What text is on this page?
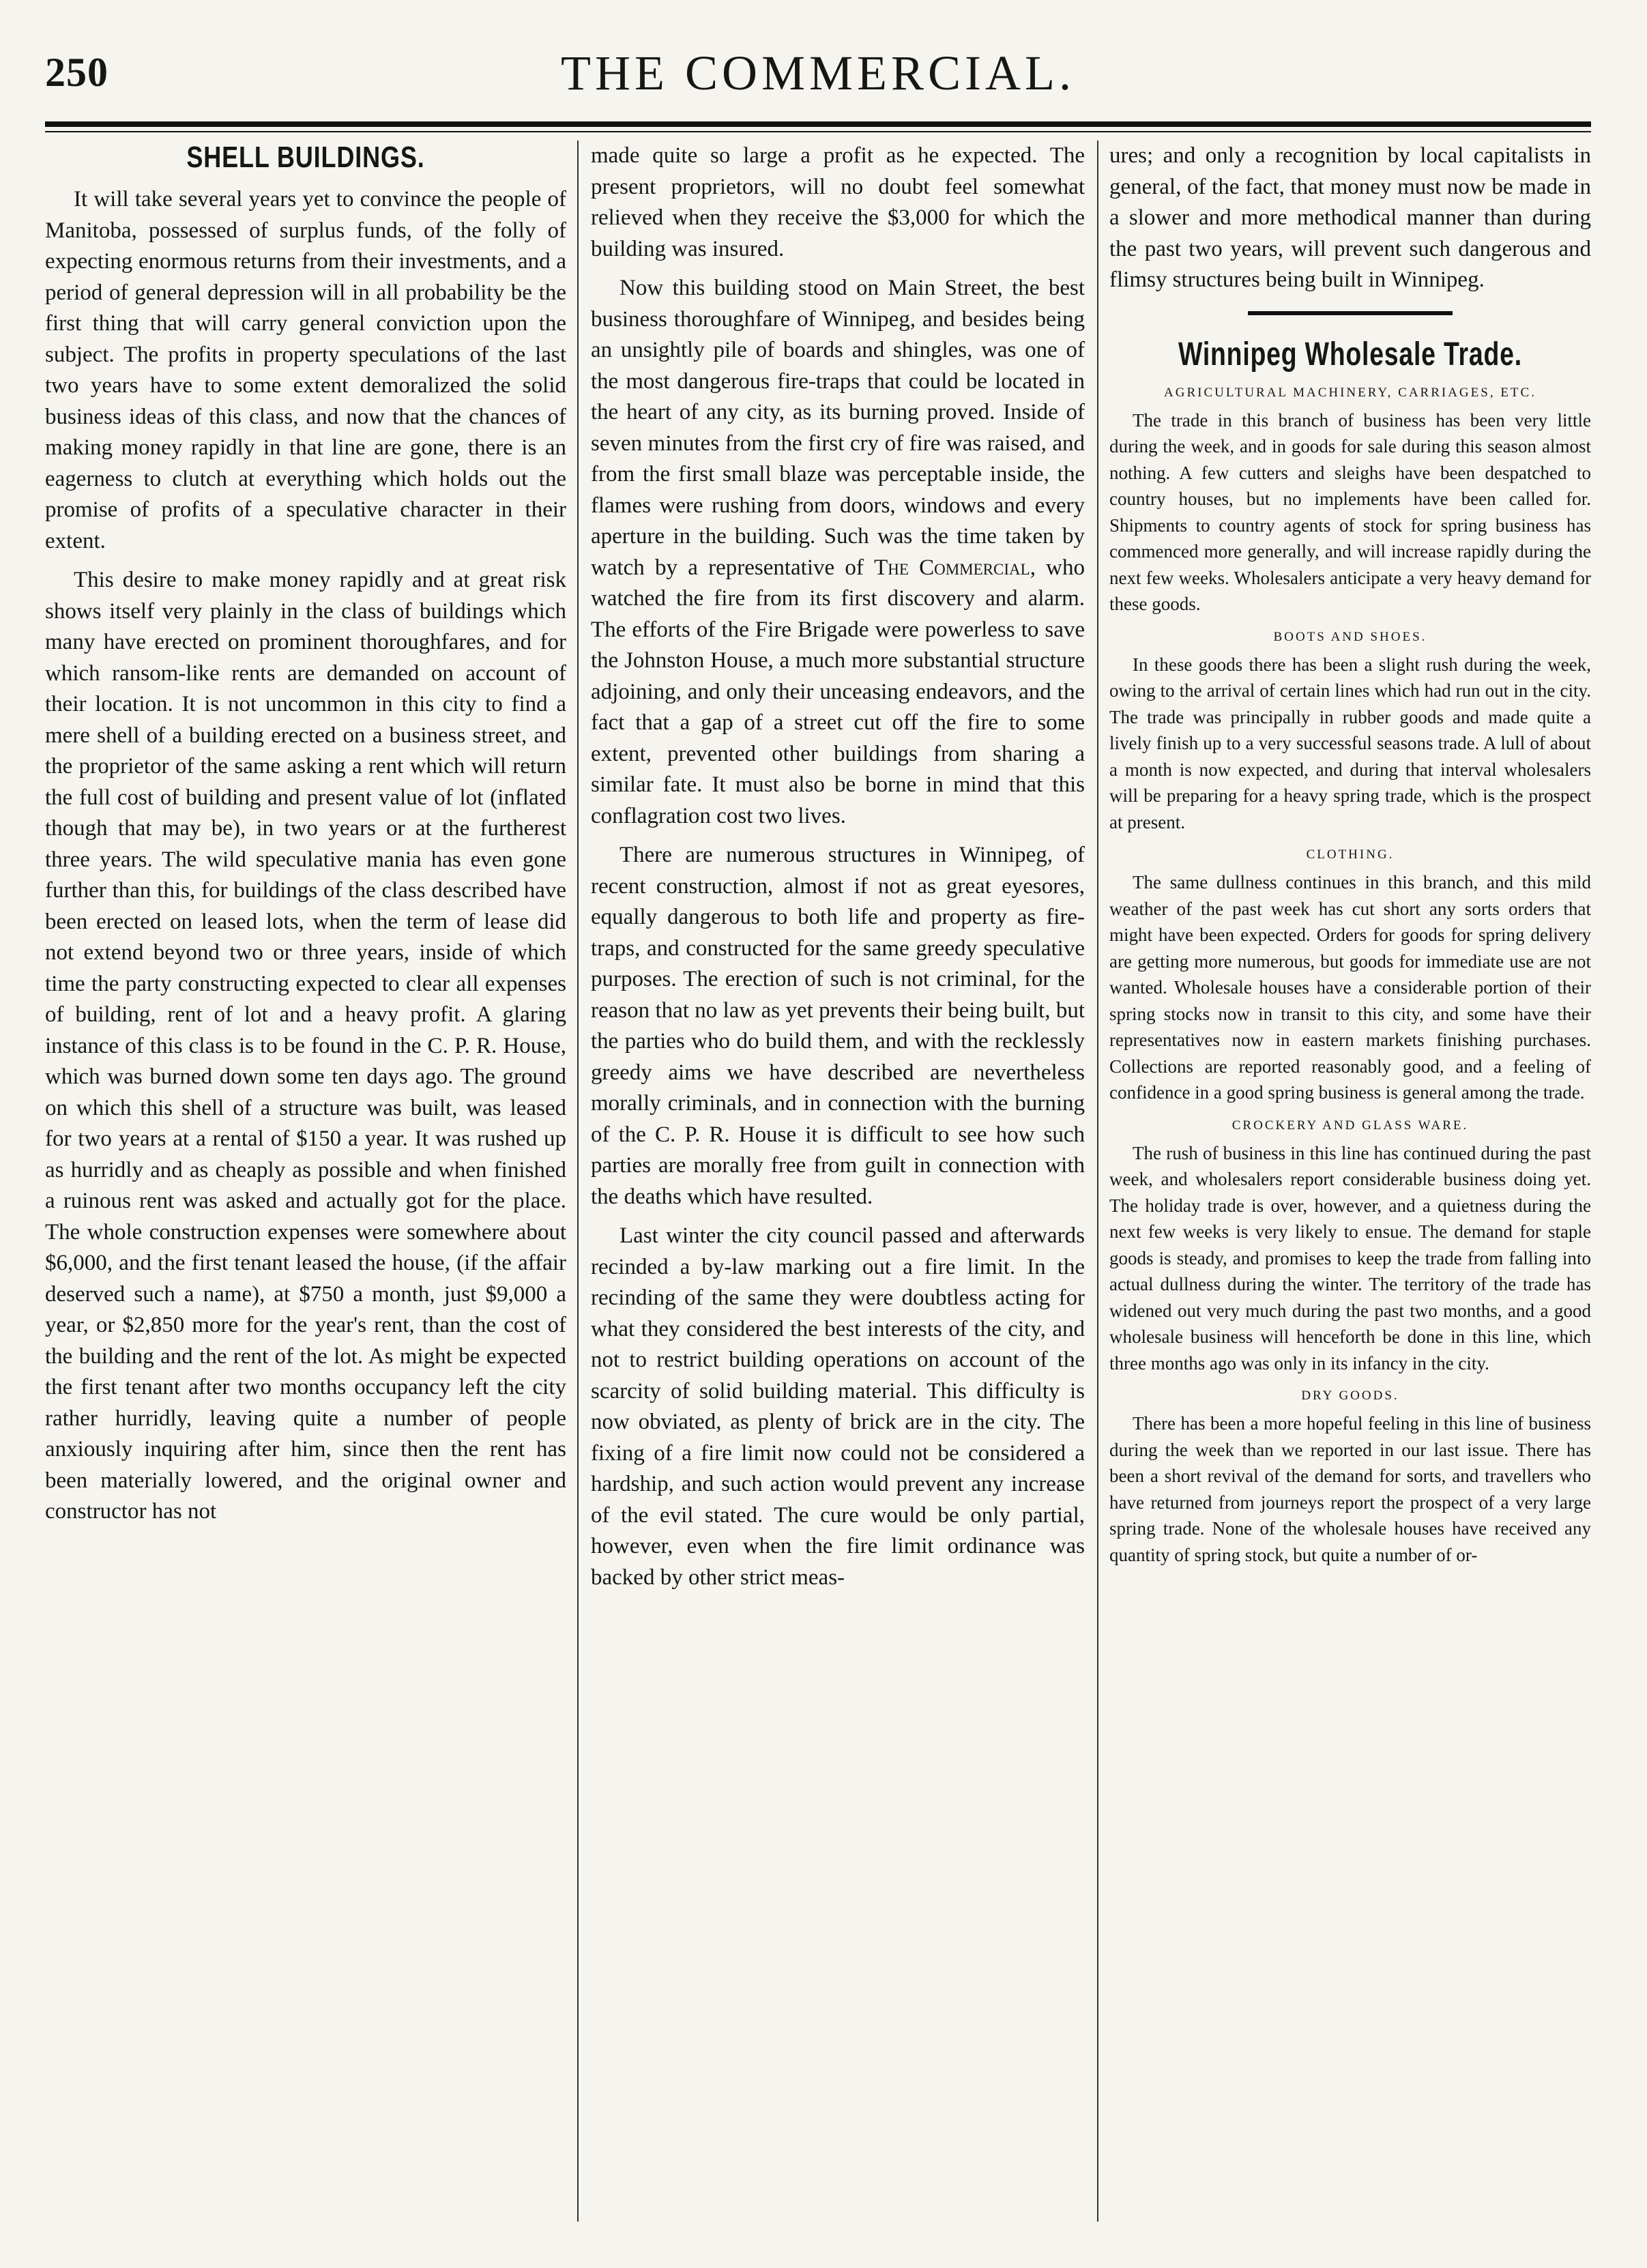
250	THE COMMERCIAL.
SHELL BUILDINGS.

It will take several years yet to convince the people of Manitoba, possessed of surplus funds, of the folly of expecting enormous returns from their investments, and a period of general depression will in all probability be the first thing that will carry general conviction upon the subject. The profits in property speculations of the last two years have to some extent demoralized the solid business ideas of this class, and now that the chances of making money rapidly in that line are gone, there is an eagerness to clutch at everything which holds out the promise of profits of a speculative character in their extent.

This desire to make money rapidly and at great risk shows itself very plainly in the class of buildings which many have erected on prominent thoroughfares, and for which ransom-like rents are demanded on account of their location. It is not uncommon in this city to find a mere shell of a building erected on a business street, and the proprietor of the same asking a rent which will return the full cost of building and present value of lot (inflated though that may be), in two years or at the furtherest three years. The wild speculative mania has even gone further than this, for buildings of the class described have been erected on leased lots, when the term of lease did not extend beyond two or three years, inside of which time the party constructing expected to clear all expenses of building, rent of lot and a heavy profit. A glaring instance of this class is to be found in the C. P. R. House, which was burned down some ten days ago. The ground on which this shell of a structure was built, was leased for two years at a rental of $150 a year. It was rushed up as hurridly and as cheaply as possible and when finished a ruinous rent was asked and actually got for the place. The whole construction expenses were somewhere about $6,000, and the first tenant leased the house, (if the affair deserved such a name), at $750 a month, just $9,000 a year, or $2,850 more for the year's rent, than the cost of the building and the rent of the lot. As might be expected the first tenant after two months occupancy left the city rather hurridly, leaving quite a number of people anxiously inquiring after him, since then the rent has been materially lowered, and the original owner and constructor has not

made quite so large a profit as he expected. The present proprietors, will no doubt feel somewhat relieved when they receive the $3,000 for which the building was insured.

Now this building stood on Main Street, the best business thoroughfare of Winnipeg, and besides being an unsightly pile of boards and shingles, was one of the most dangerous fire-traps that could be located in the heart of any city, as its burning proved. Inside of seven minutes from the first cry of fire was raised, and from the first small blaze was perceptable inside, the flames were rushing from doors, windows and every aperture in the building. Such was the time taken by watch by a representative of The Commercial, who watched the fire from its first discovery and alarm. The efforts of the Fire Brigade were powerless to save the Johnston House, a much more substantial structure adjoining, and only their unceasing endeavors, and the fact that a gap of a street cut off the fire to some extent, prevented other buildings from sharing a similar fate. It must also be borne in mind that this conflagration cost two lives.

There are numerous structures in Winnipeg, of recent construction, almost if not as great eyesores, equally dangerous to both life and property as fire-traps, and constructed for the same greedy speculative purposes. The erection of such is not criminal, for the reason that no law as yet prevents their being built, but the parties who do build them, and with the recklessly greedy aims we have described are nevertheless morally criminals, and in connection with the burning of the C. P. R. House it is difficult to see how such parties are morally free from guilt in connection with the deaths which have resulted.

Last winter the city council passed and afterwards recinded a by-law marking out a fire limit. In the recinding of the same they were doubtless acting for what they considered the best interests of the city, and not to restrict building operations on account of the scarcity of solid building material. This difficulty is now obviated, as plenty of brick are in the city. The fixing of a fire limit now could not be considered a hardship, and such action would prevent any increase of the evil stated. The cure would be only partial, however, even when the fire limit ordinance was backed by other strict meas-

ures; and only a recognition by local capitalists in general, of the fact, that money must now be made in a slower and more methodical manner than during the past two years, will prevent such dangerous and flimsy structures being built in Winnipeg.

Winnipeg Wholesale Trade.
AGRICULTURAL MACHINERY, CARRIAGES, ETC.

The trade in this branch of business has been very little during the week, and in goods for sale during this season almost nothing. A few cutters and sleighs have been despatched to country houses, but no implements have been called for. Shipments to country agents of stock for spring business has commenced more generally, and will increase rapidly during the next few weeks. Wholesalers anticipate a very heavy demand for these goods.

BOOTS AND SHOES.

In these goods there has been a slight rush during the week, owing to the arrival of certain lines which had run out in the city. The trade was principally in rubber goods and made quite a lively finish up to a very successful seasons trade. A lull of about a month is now expected, and during that interval wholesalers will be preparing for a heavy spring trade, which is the prospect at present.

CLOTHING.

The same dullness continues in this branch, and this mild weather of the past week has cut short any sorts orders that might have been expected. Orders for goods for spring delivery are getting more numerous, but goods for immediate use are not wanted. Wholesale houses have a considerable portion of their spring stocks now in transit to this city, and some have their representatives now in eastern markets finishing purchases. Collections are reported reasonably good, and a feeling of confidence in a good spring business is general among the trade.

CROCKERY AND GLASS WARE.

The rush of business in this line has continued during the past week, and wholesalers report considerable business doing yet. The holiday trade is over, however, and a quietness during the next few weeks is very likely to ensue. The demand for staple goods is steady, and promises to keep the trade from falling into actual dullness during the winter. The territory of the trade has widened out very much during the past two months, and a good wholesale business will henceforth be done in this line, which three months ago was only in its infancy in the city.

DRY GOODS.

There has been a more hopeful feeling in this line of business during the week than we reported in our last issue. There has been a short revival of the demand for sorts, and travellers who have returned from journeys report the prospect of a very large spring trade. None of the wholesale houses have received any quantity of spring stock, but quite a number of or-
